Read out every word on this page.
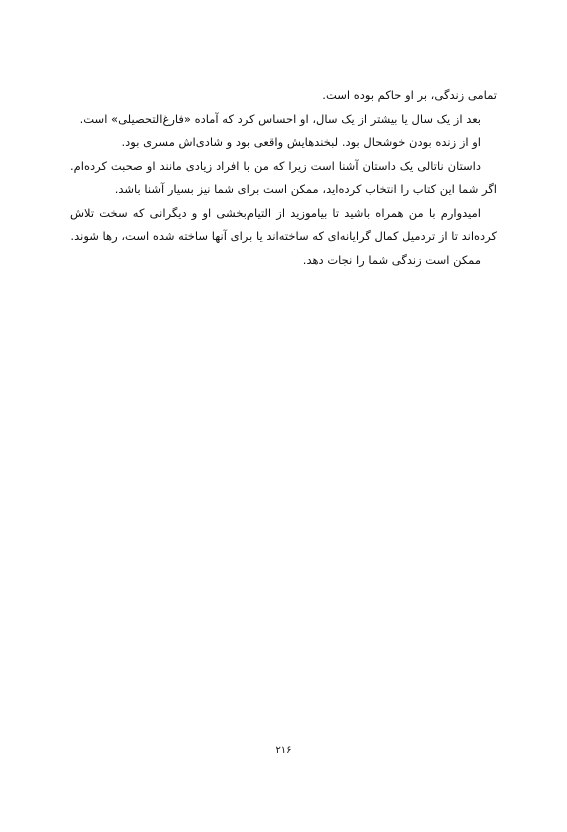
تمامی زندگی، بر او حاکم بوده است.

بعد از یک سال یا بیشتر از یک سال، او احساس کرد که آماده «فارغ‌التحصیلی» است.

او از زنده بودن خوشحال بود. لبخندهایش واقعی بود و شادی‌اش مسری بود.

داستان ناتالی یک داستان آشنا است زیرا که من با افراد زیادی مانند او صحبت کرده‌ام. اگر شما این کتاب را انتخاب کرده‌اید، ممکن است برای شما نیز بسیار آشنا باشد.

امیدوارم با من همراه باشید تا بیاموزید از التیام‌بخشی او و دیگرانی که سخت تلاش کرده‌اند تا از تردمیل کمال گرایانه‌ای که ساخته‌اند یا برای آنها ساخته شده است، رها شوند.

ممکن است زندگی شما را نجات دهد.

۲۱۶
